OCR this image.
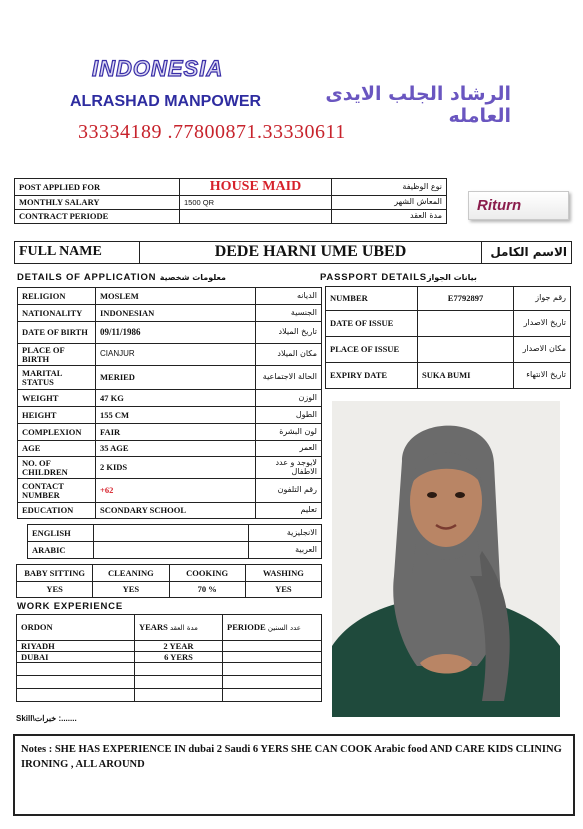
INDONESIA
ALRASHAD MANPOWER	الرشاد الجلب الايدى العامله
33334189 .77800871.33330611
POST APPLIED FOR	HOUSE MAID	نوع الوظيفة
MONTHLY SALARY	1500 QR	المعاش الشهر
CONTRACT PERIODE		مدة العقد
Riturn
FULL NAME	DEDE HARNI UME UBED	الاسم الكامل
DETAILS OF APPLICATION معلومات شخصية	PASSPORT DETAILSبيانات الجواز
RELIGION	MOSLEM	الديانه
NATIONALITY	INDONESIAN	الجنسية
DATE OF BIRTH	09/11/1986	تاريخ الميلاد
PLACE OF BIRTH	CIANJUR	مكان الميلاد
MARITAL STATUS	MERIED	الحالة الاجتماعية
WEIGHT	47 KG	الوزن
HEIGHT	155 CM	الطول
COMPLEXION	FAIR	لون البشرة
AGE	35 AGE	العمر
NO. OF CHILDREN	2 KIDS	لايوجد و عدد الاطفال
CONTACT NUMBER	+62	رقم التلفون
EDUCATION	SCONDARY SCHOOL	تعليم
ENGLISH		الانجليزية
ARABIC		العربية
BABY SITTING	CLEANING	COOKING	WASHING
YES	YES	70 %	YES
WORK EXPERIENCE
ORDON	YEARS مدة العقد	PERIODE عدد السنين
RIYADH	2 YEAR	
DUBAI	6 YERS	

NUMBER	E7792897	رقم جواز
DATE OF ISSUE		تاريخ الاصدار
PLACE OF ISSUE		مكان الاصدار
EXPIRY DATE	SUKA BUMI	تاريخ الانتهاء
Skill\خبرات :.......
Notes : SHE HAS EXPERIENCE IN dubai 2 Saudi 6 YERS SHE CAN COOK Arabic food AND CARE KIDS CLINING IRONING , ALL AROUND
